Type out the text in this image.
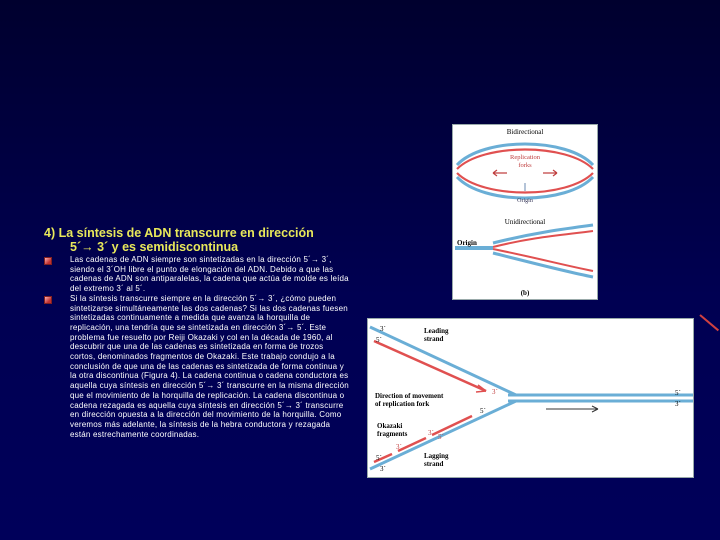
4) La síntesis de ADN transcurre en dirección
5´→ 3´ y es semidiscontinua
Las cadenas de ADN siempre son sintetizadas en la dirección 5´→ 3´, siendo el 3´OH libre el punto de elongación del ADN. Debido a que las cadenas de ADN son antiparalelas, la cadena que actúa de molde es leída del extremo 3´ al 5´.
Si la síntesis transcurre siempre en la dirección 5´→ 3´, ¿cómo pueden sintetizarse simultáneamente las dos cadenas? Si las dos cadenas fuesen sintetizadas continuamente a medida que avanza la horquilla de replicación, una tendría que se sintetizada en dirección 3´→ 5´. Este problema fue resuelto por Reiji Okazaki y col en la década de 1960, al descubrir que una de las cadenas es sintetizada en forma de trozos cortos, denominados fragmentos de Okazaki. Este trabajo condujo a la conclusión de que una de las cadenas es sintetizada de forma continua y la otra discontinua (Figura 4). La cadena continua o cadena conductora es aquella cuya síntesis en dirección 5´→ 3´ transcurre en la misma dirección que el movimiento de la horquilla de replicación. La cadena discontinua o cadena rezagada es aquella cuya síntesis en dirección 5´→ 3´ transcurre en dirección opuesta a la dirección del movimiento de la horquilla. Como veremos más adelante, la síntesis de la hebra conductora y rezagada están estrechamente coordinadas.
Bidirectional
Replication
forks
Origin
Unidirectional
Origin
(b)
Leading
strand
Direction of movement
of replication fork
Okazaki
fragments
Lagging
strand
3´
5´
3´	5´
3´
5´
3´ 5´
5´
3´
3´
